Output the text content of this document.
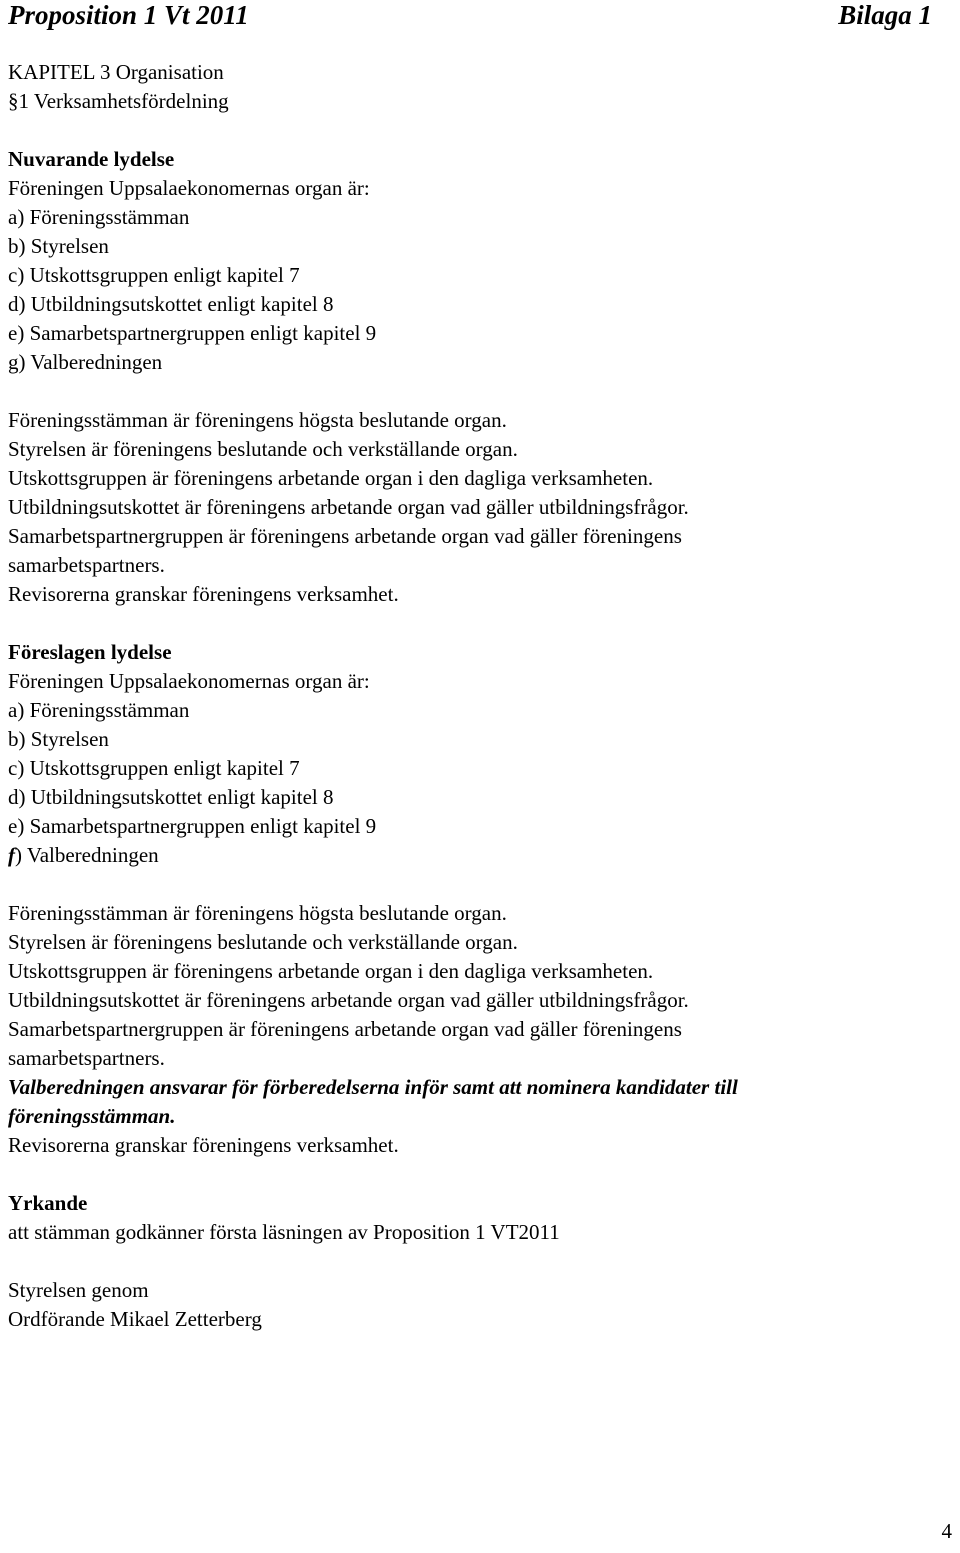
Proposition 1 Vt 2011	Bilaga 1
KAPITEL 3 Organisation
§1 Verksamhetsfördelning
Nuvarande lydelse
Föreningen Uppsalaekonomernas organ är:
a) Föreningsstämman
b) Styrelsen
c) Utskottsgruppen enligt kapitel 7
d) Utbildningsutskottet enligt kapitel 8
e) Samarbetspartnergruppen enligt kapitel 9
g) Valberedningen
Föreningsstämman är föreningens högsta beslutande organ.
Styrelsen är föreningens beslutande och verkställande organ.
Utskottsgruppen är föreningens arbetande organ i den dagliga verksamheten.
Utbildningsutskottet är föreningens arbetande organ vad gäller utbildningsfrågor.
Samarbetspartnergruppen är föreningens arbetande organ vad gäller föreningens
samarbetspartners.
Revisorerna granskar föreningens verksamhet.
Föreslagen lydelse
Föreningen Uppsalaekonomernas organ är:
a) Föreningsstämman
b) Styrelsen
c) Utskottsgruppen enligt kapitel 7
d) Utbildningsutskottet enligt kapitel 8
e) Samarbetspartnergruppen enligt kapitel 9
f) Valberedningen
Föreningsstämman är föreningens högsta beslutande organ.
Styrelsen är föreningens beslutande och verkställande organ.
Utskottsgruppen är föreningens arbetande organ i den dagliga verksamheten.
Utbildningsutskottet är föreningens arbetande organ vad gäller utbildningsfrågor.
Samarbetspartnergruppen är föreningens arbetande organ vad gäller föreningens
samarbetspartners.
Valberedningen ansvarar för förberedelserna inför samt att nominera kandidater till
föreningsstämman.
Revisorerna granskar föreningens verksamhet.
Yrkande
att stämman godkänner första läsningen av Proposition 1 VT2011
Styrelsen genom
Ordförande Mikael Zetterberg
4
